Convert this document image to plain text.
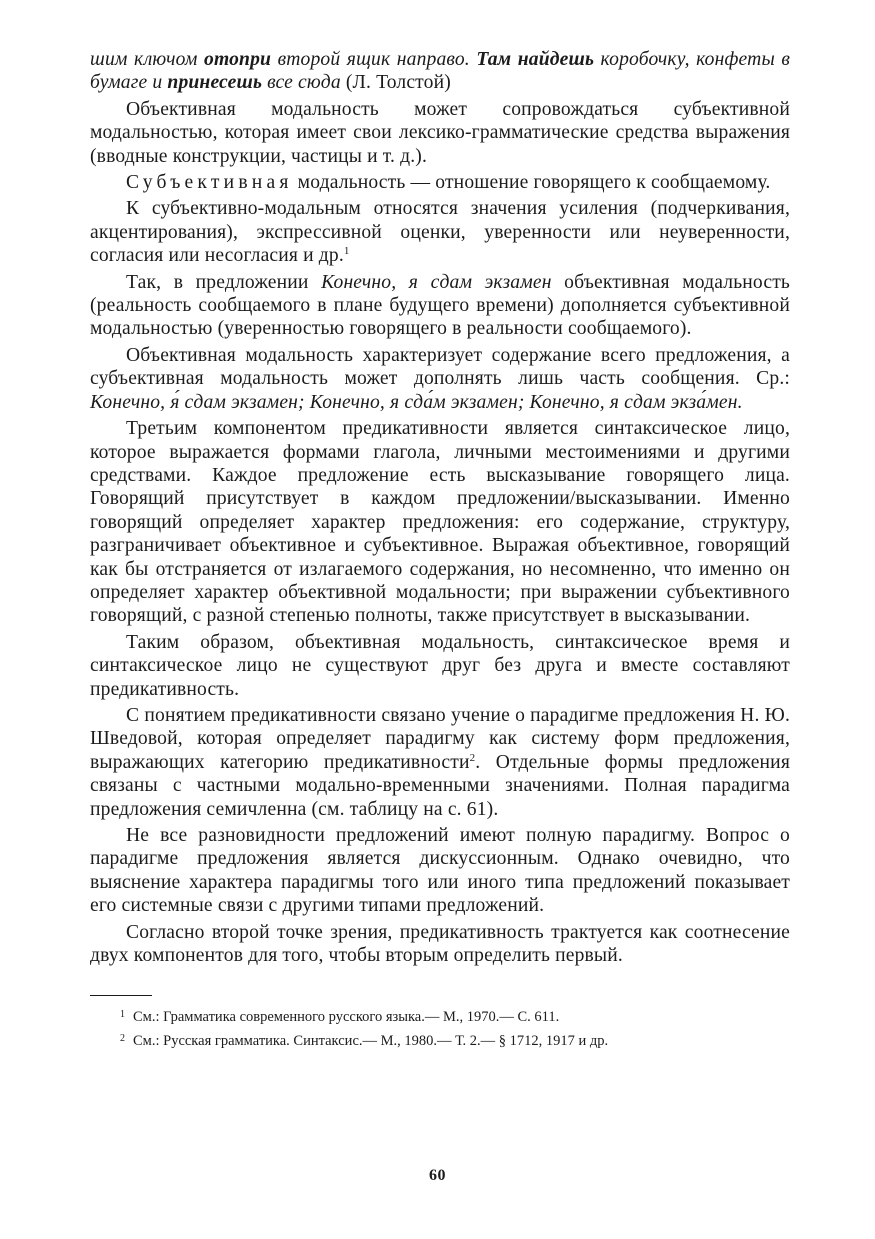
шим ключом отопри второй ящик направо. Там найдешь коробочку, конфеты в бумаге и принесешь все сюда (Л. Толстой)

Объективная модальность может сопровождаться субъективной модальностью, которая имеет свои лексико-грамматические средства выражения (вводные конструкции, частицы и т. д.).

Субъективная модальность — отношение говорящего к сообщаемому.

К субъективно-модальным относятся значения усиления (подчеркивания, акцентирования), экспрессивной оценки, уверенности или неуверенности, согласия или несогласия и др.$^1$

Так, в предложении Конечно, я сдам экзамен объективная модальность (реальность сообщаемого в плане будущего времени) дополняется субъективной модальностью (уверенностью говорящего в реальности сообщаемого).

Объективная модальность характеризует содержание всего предложения, а субъективная модальность может дополнять лишь часть сообщения. Ср.: Конечно, я́ сдам экзамен; Конечно, я сда́м экзамен; Конечно, я сдам экза́мен.

Третьим компонентом предикативности является синтаксическое лицо, которое выражается формами глагола, личными местоимениями и другими средствами. Каждое предложение есть высказывание говорящего лица. Говорящий присутствует в каждом предложении/высказывании. Именно говорящий определяет характер предложения: его содержание, структуру, разграничивает объективное и субъективное. Выражая объективное, говорящий как бы отстраняется от излагаемого содержания, но несомненно, что именно он определяет характер объективной модальности; при выражении субъективного говорящий, с разной степенью полноты, также присутствует в высказывании.

Таким образом, объективная модальность, синтаксическое время и синтаксическое лицо не существуют друг без друга и вместе составляют предикативность.

С понятием предикативности связано учение о парадигме предложения Н. Ю. Шведовой, которая определяет парадигму как систему форм предложения, выражающих категорию предикативности$^2$. Отдельные формы предложения связаны с частными модально-временными значениями. Полная парадигма предложения семичленна (см. таблицу на с. 61).

Не все разновидности предложений имеют полную парадигму. Вопрос о парадигме предложения является дискуссионным. Однако очевидно, что выяснение характера парадигмы того или иного типа предложений показывает его системные связи с другими типами предложений.

Согласно второй точке зрения, предикативность трактуется как соотнесение двух компонентов для того, чтобы вторым определить первый.

$^1$ См.: Грамматика современного русского языка.— М., 1970.— С. 611.
$^2$ См.: Русская грамматика. Синтаксис.— М., 1980.— Т. 2.— § 1712, 1917 и др.
60
